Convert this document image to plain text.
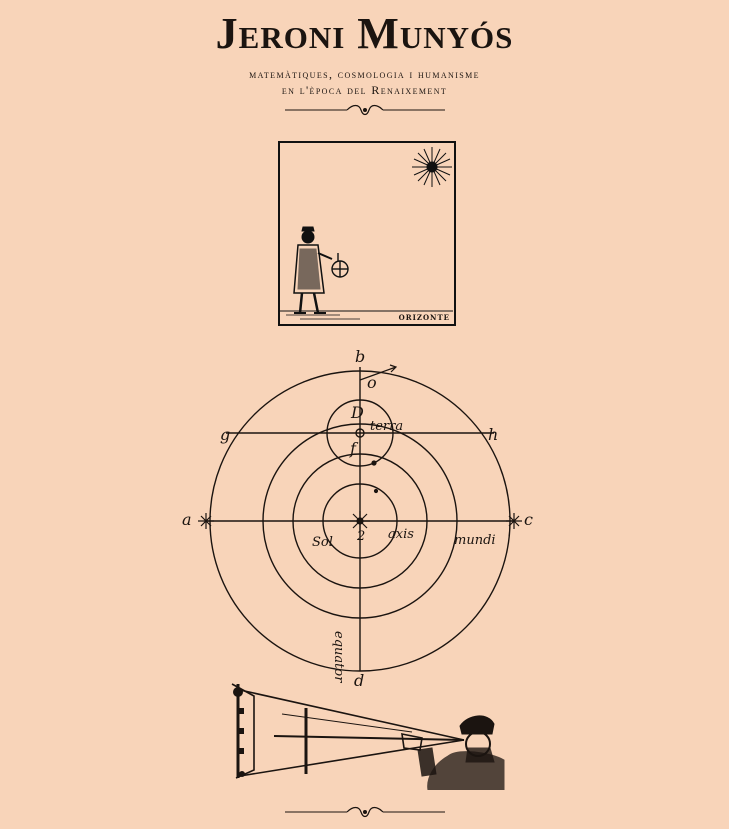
Jeroni Munyós
matemàtiques, cosmologia i humanisme
en l'època del Renaixement
ORIZONTE
b
o
D
terra
g	h
f
a	c
Sol 2 axis	mundi
equator d
